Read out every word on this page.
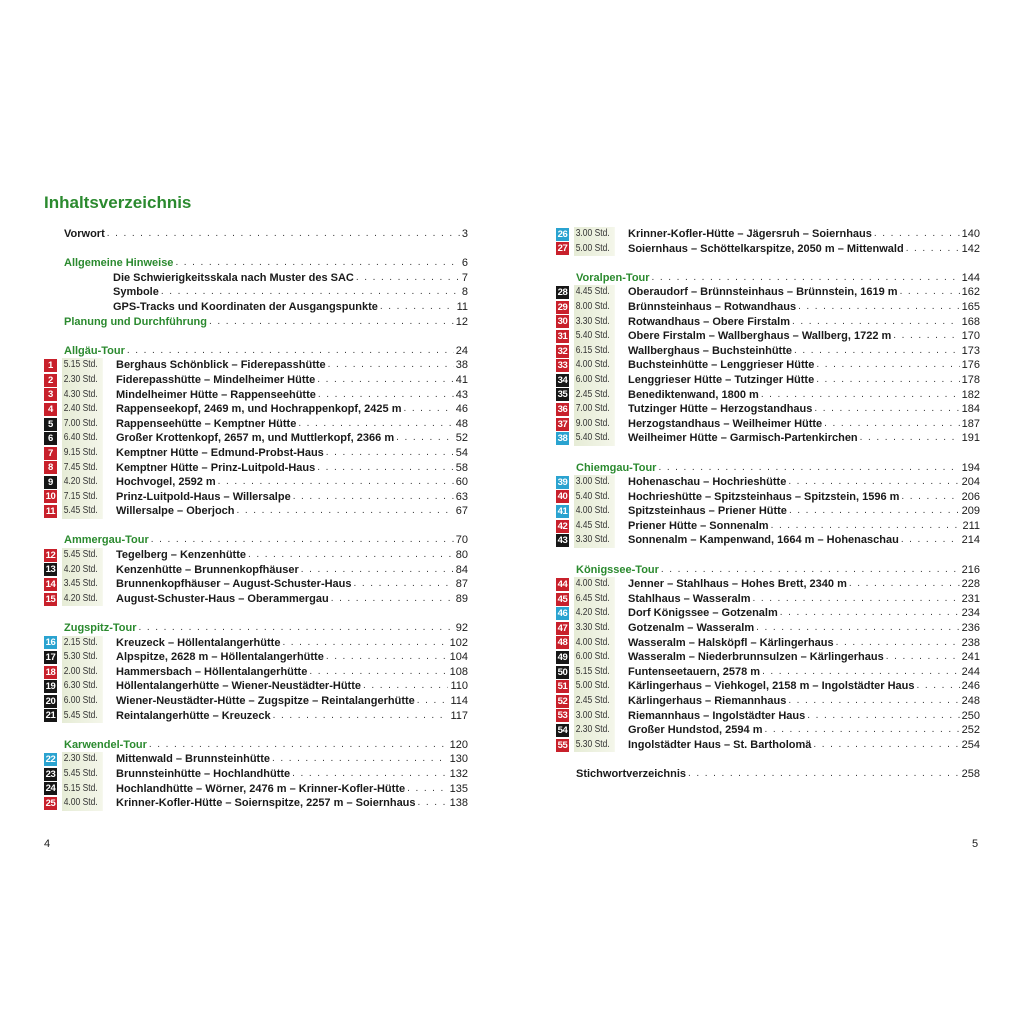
Inhaltsverzeichnis
Vorwort . . .	3
Allgemeine Hinweise . . .	6
Die Schwierigkeitsskala nach Muster des SAC . . .	7
Symbole . . .	8
GPS-Tracks und Koordinaten der Ausgangspunkte . . .	11
Planung und Durchführung . . .	12
Allgäu-Tour . . .	24
1	5.15 Std.	Berghaus Schönblick – Fiderepasshütte . . .	38
2	2.30 Std.	Fiderepasshütte – Mindelheimer Hütte . . .	41
3	4.30 Std.	Mindelheimer Hütte – Rappenseehütte . . .	43
4	2.40 Std.	Rappenseekopf, 2469 m, und Hochrappenkopf, 2425 m . . .	46
5	7.00 Std.	Rappenseehütte – Kemptner Hütte . . .	48
6	6.40 Std.	Großer Krottenkopf, 2657 m, und Muttlerkopf, 2366 m . . .	52
7	9.15 Std.	Kemptner Hütte – Edmund-Probst-Haus . . .	54
8	7.45 Std.	Kemptner Hütte – Prinz-Luitpold-Haus . . .	58
9	4.20 Std.	Hochvogel, 2592 m . . .	60
10 7.15 Std.	Prinz-Luitpold-Haus – Willersalpe . . .	63
11 5.45 Std.	Willersalpe – Oberjoch . . .	67
Ammergau-Tour . . .	70
12 5.45 Std.	Tegelberg – Kenzenhütte . . .	80
13 4.20 Std.	Kenzenhütte – Brunnenkopfhäuser . . .	84
14 3.45 Std.	Brunnenkopfhäuser – August-Schuster-Haus . . .	87
15 4.20 Std.	August-Schuster-Haus – Oberammergau . . .	89
Zugspitz-Tour . . .	92
16 2.15 Std.	Kreuzeck – Höllentalangerhütte . . .	102
17 5.30 Std.	Alpspitze, 2628 m – Höllentalangerhütte . . .	104
18 2.00 Std.	Hammersbach – Höllentalangerhütte . . .	108
19 6.30 Std.	Höllentalangerhütte – Wiener-Neustädter-Hütte . . .	110
20 6.00 Std.	Wiener-Neustädter-Hütte – Zugspitze – Reintalangerhütte . . .	114
21 5.45 Std.	Reintalangerhütte – Kreuzeck . . .	117
Karwendel-Tour . . .	120
22 2.30 Std.	Mittenwald – Brunnsteinhütte . . .	130
23 5.45 Std.	Brunnsteinhütte – Hochlandhütte . . .	132
24 5.15 Std.	Hochlandhütte – Wörner, 2476 m – Krinner-Kofler-Hütte . . .	135
25 4.00 Std.	Krinner-Kofler-Hütte – Soiernspitze, 2257 m – Soiernhaus . . .	138
26 3.00 Std.	Krinner-Kofler-Hütte – Jägersruh – Soiernhaus . . .	140
27 5.00 Std.	Soiernhaus – Schöttelkarspitze, 2050 m – Mittenwald . . .	142
Voralpen-Tour . . .	144
28 4.45 Std.	Oberaudorf – Brünnsteinhaus – Brünnstein, 1619 m . . .	162
29 8.00 Std.	Brünnsteinhaus – Rotwandhaus . . .	165
30 3.30 Std.	Rotwandhaus – Obere Firstalm . . .	168
31 5.40 Std.	Obere Firstalm – Wallberghaus – Wallberg, 1722 m . . .	170
32 6.15 Std.	Wallberghaus – Buchsteinhütte . . .	173
33 4.00 Std.	Buchsteinhütte – Lenggrieser Hütte . . .	176
34 6.00 Std.	Lenggrieser Hütte – Tutzinger Hütte . . .	178
35 2.45 Std.	Benediktenwand, 1800 m . . .	182
36 7.00 Std.	Tutzinger Hütte – Herzogstandhaus . . .	184
37 9.00 Std.	Herzogstandhaus – Weilheimer Hütte . . .	187
38 5.40 Std.	Weilheimer Hütte – Garmisch-Partenkirchen . . .	191
Chiemgau-Tour . . .	194
39 3.00 Std.	Hohenaschau – Hochrieshütte . . .	204
40 5.40 Std.	Hochrieshütte – Spitzsteinhaus – Spitzstein, 1596 m . . .	206
41 4.00 Std.	Spitzsteinhaus – Priener Hütte . . .	209
42 4.45 Std.	Priener Hütte – Sonnenalm . . .	211
43 3.30 Std.	Sonnenalm – Kampenwand, 1664 m – Hohenaschau . . .	214
Königssee-Tour . . .	216
44 4.00 Std.	Jenner – Stahlhaus – Hohes Brett, 2340 m . . .	228
45 6.45 Std.	Stahlhaus – Wasseralm . . .	231
46 4.20 Std.	Dorf Königssee – Gotzenalm . . .	234
47 3.30 Std.	Gotzenalm – Wasseralm . . .	236
48 4.00 Std.	Wasseralm – Halsköpfl – Kärlingerhaus . . .	238
49 6.00 Std.	Wasseralm – Niederbrunnsulzen – Kärlingerhaus . . .	241
50 5.15 Std.	Funtenseetauern, 2578 m . . .	244
51 5.00 Std.	Kärlingerhaus – Viehkogel, 2158 m – Ingolstädter Haus . . .	246
52 2.45 Std.	Kärlingerhaus – Riemannhaus . . .	248
53 3.00 Std.	Riemannhaus – Ingolstädter Haus . . .	250
54 2.30 Std.	Großer Hundstod, 2594 m . . .	252
55 5.30 Std.	Ingolstädter Haus – St. Bartholomä . . .	254
Stichwortverzeichnis . . .	258
4	5
